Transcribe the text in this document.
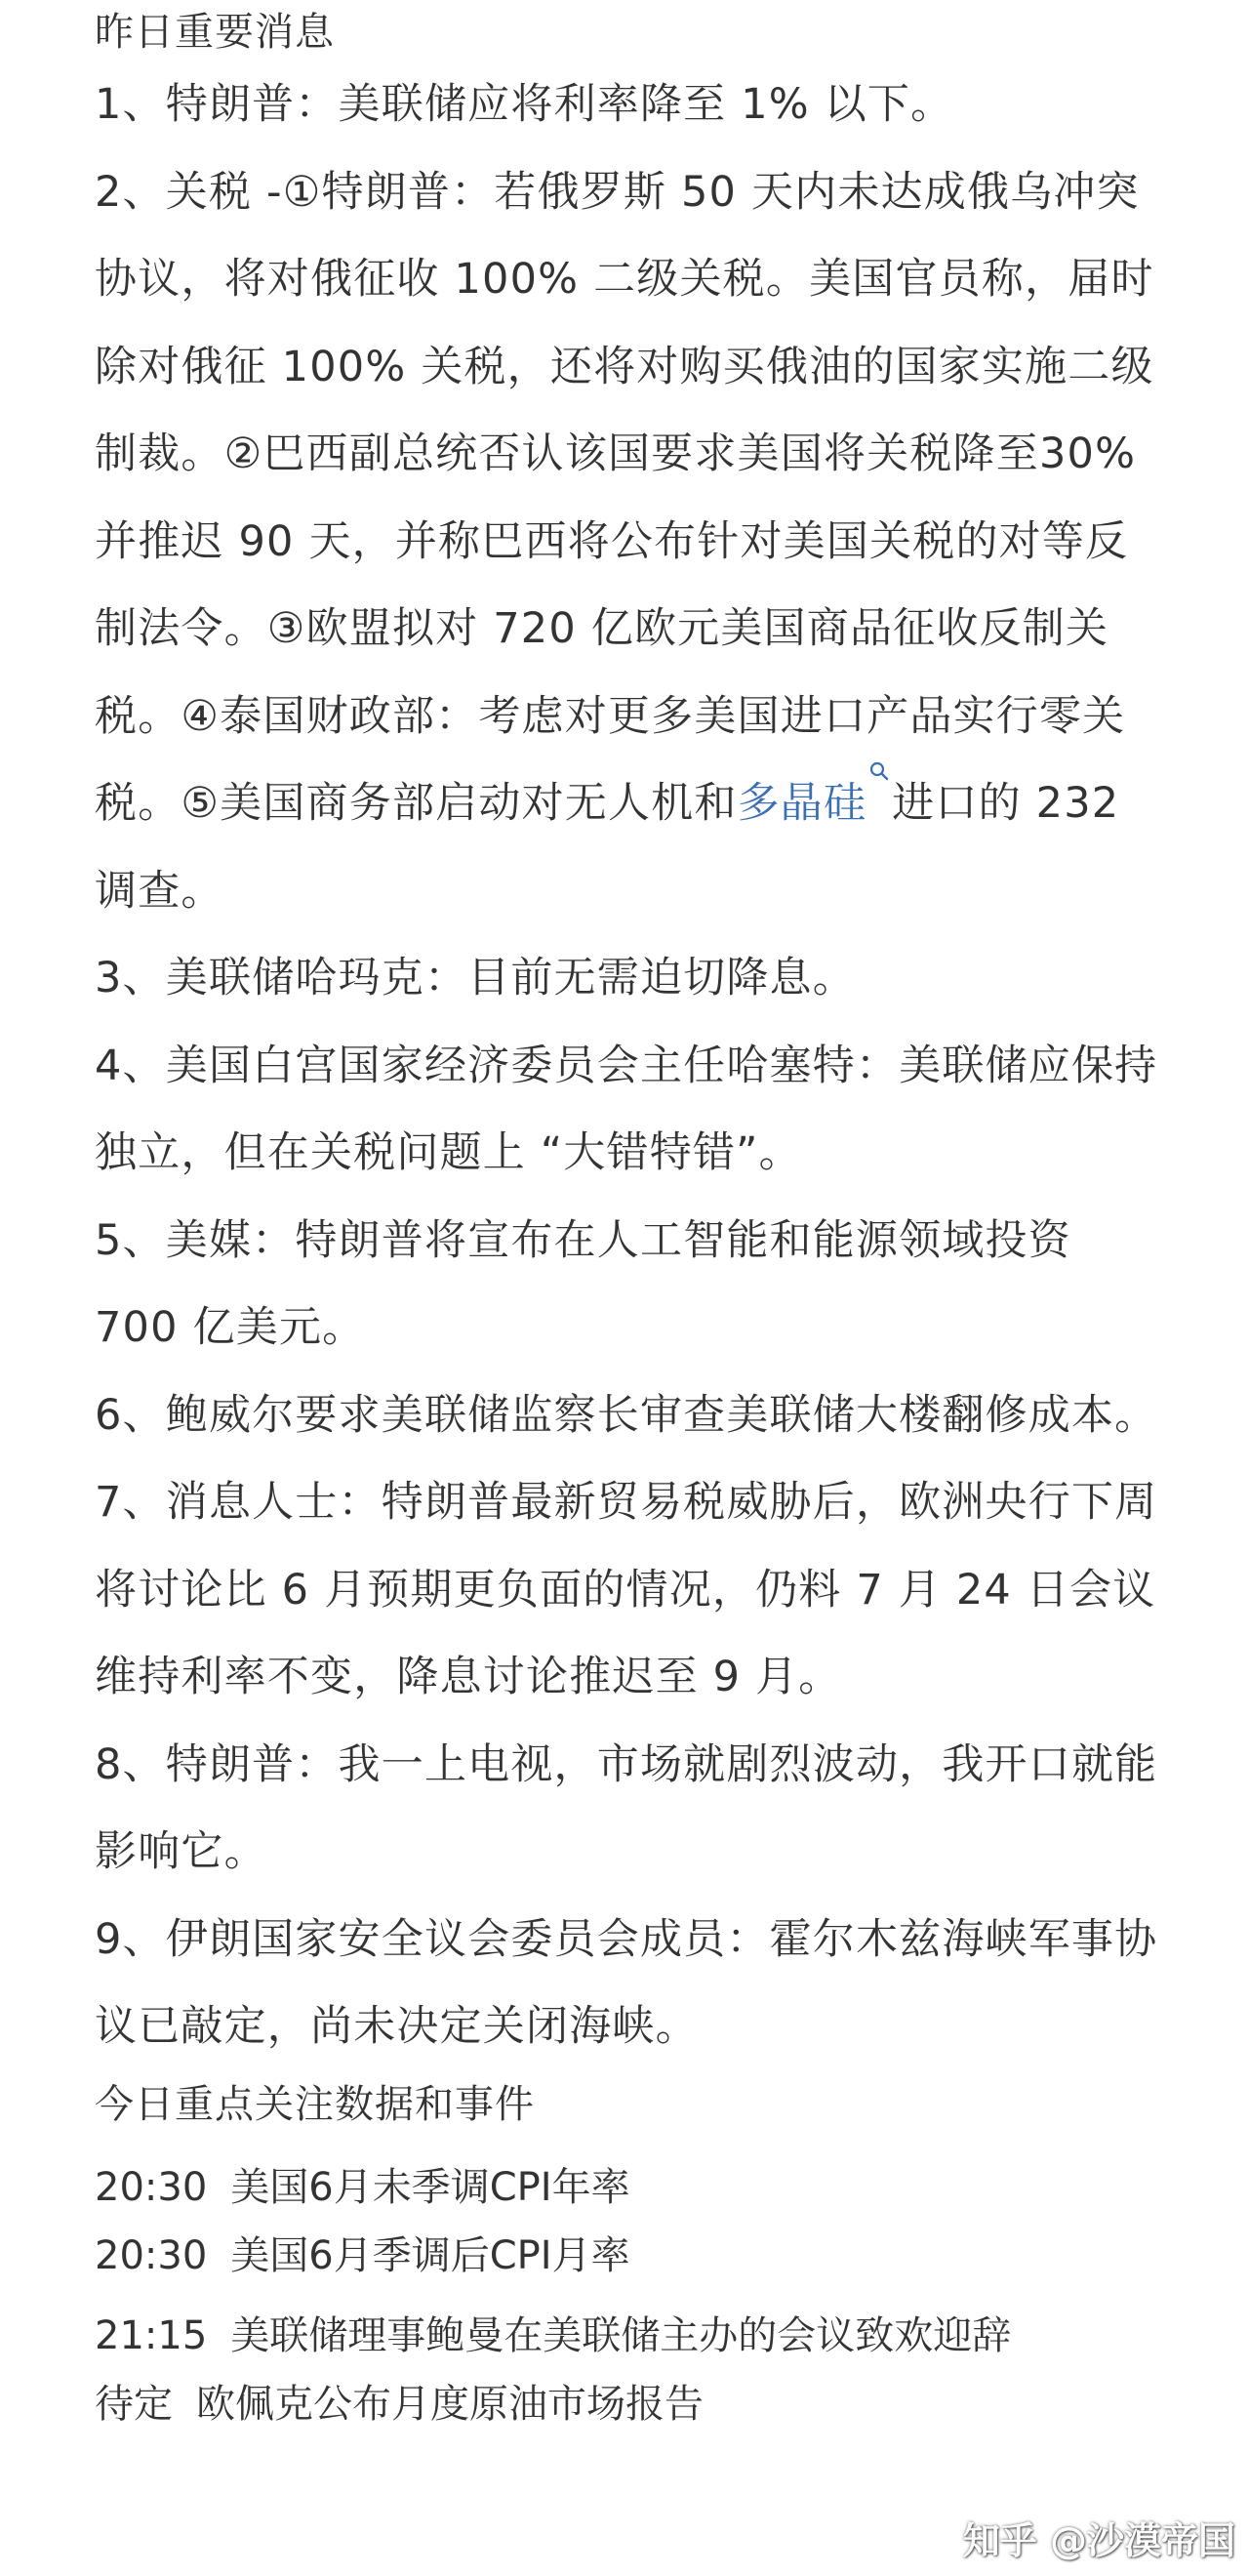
昨日重要消息

1、特朗普：美联储应将利率降至 1% 以下。

2、关税 -①特朗普：若俄罗斯 50 天内未达成俄乌冲突协议，将对俄征收 100% 二级关税。美国官员称，届时除对俄征 100% 关税，还将对购买俄油的国家实施二级制裁。②巴西副总统否认该国要求美国将关税降至30% 并推迟 90 天，并称巴西将公布针对美国关税的对等反制法令。③欧盟拟对 720 亿欧元美国商品征收反制关税。④泰国财政部：考虑对更多美国进口产品实行零关税。⑤美国商务部启动对无人机和多晶硅 进口的 232 调查。

3、美联储哈玛克：目前无需迫切降息。

4、美国白宫国家经济委员会主任哈塞特：美联储应保持独立，但在关税问题上 “大错特错”。

5、美媒：特朗普将宣布在人工智能和能源领域投资 700 亿美元。

6、鲍威尔要求美联储监察长审查美联储大楼翻修成本。

7、消息人士：特朗普最新贸易税威胁后，欧洲央行下周将讨论比 6 月预期更负面的情况，仍料 7 月 24 日会议维持利率不变，降息讨论推迟至 9 月。

8、特朗普：我一上电视，市场就剧烈波动，我开口就能影响它。

9、伊朗国家安全议会委员会成员：霍尔木兹海峡军事协议已敲定，尚未决定关闭海峡。

今日重点关注数据和事件
20:30 美国6月未季调CPI年率
20:30 美国6月季调后CPI月率
21:15 美联储理事鲍曼在美联储主办的会议致欢迎辞
待定 欧佩克公布月度原油市场报告
知乎 @沙漠帝国
